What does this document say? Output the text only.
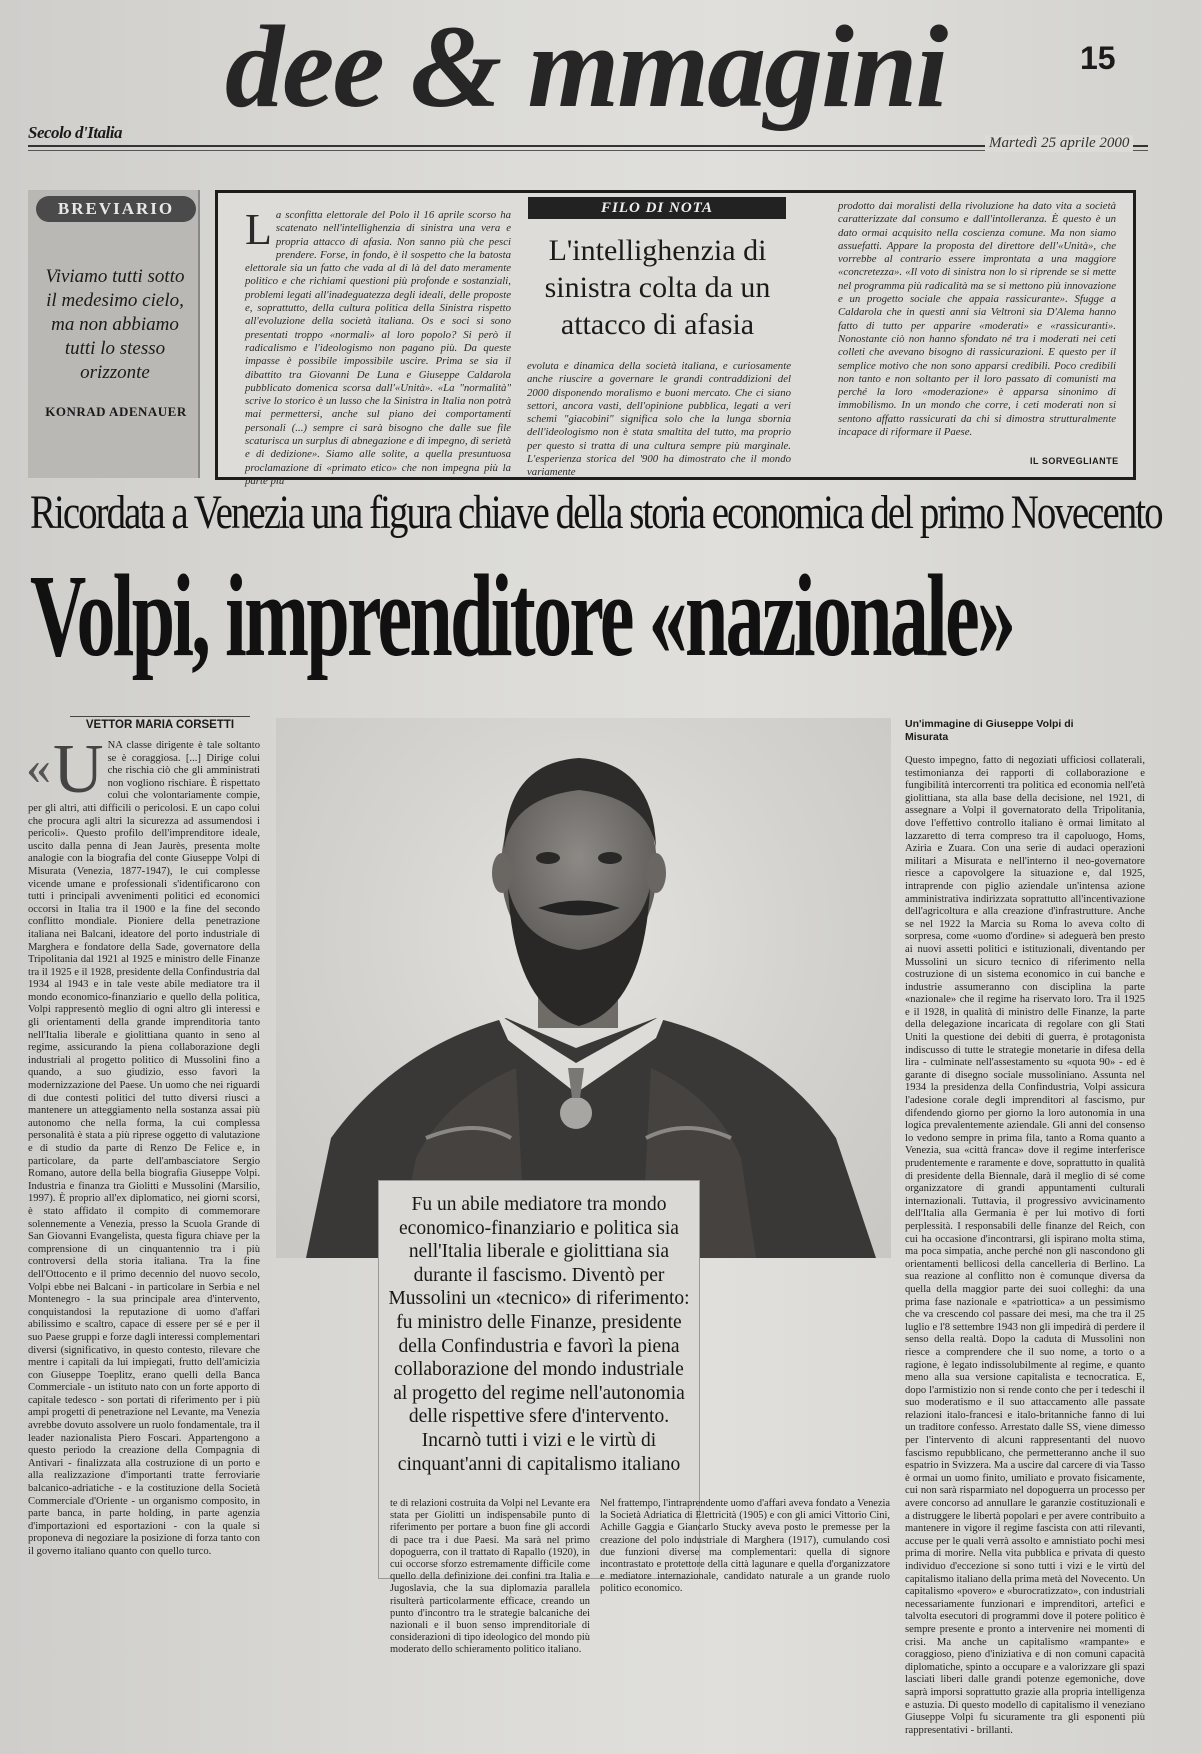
dee & mmagini
Secolo d'Italia
15
Martedì 25 aprile 2000
BREVIARIO
Viviamo tutti sotto il medesimo cielo, ma non abbiamo tutti lo stesso orizzonte
KONRAD ADENAUER
L a sconfitta elettorale del Polo il 16 aprile scorso ha scatenato nell'intellighenzia di sinistra una vera e propria attacco di afasia. Non sanno più che pesci prendere. Forse, in fondo, è il sospetto che la batosta elettorale sia un fatto che vada al di là del dato meramente politico e che richiami questioni più profonde e sostanziali, problemi legati all'inadeguatezza degli ideali, delle proposte e, soprattutto, della cultura politica della Sinistra rispetto all'evoluzione della società italiana. Os e soci si sono presentati troppo «normali» al loro popolo? Si però il radicalismo e l'ideologismo non pagano più. Da queste impasse è possibile impossibile uscire. Prima se sia il dibattito tra Giovanni De Luna e Giuseppe Caldarola pubblicato domenica scorsa dall'«Unità». «La "normalità" scrive lo storico è un lusso che la Sinistra in Italia non potrà mai permettersi, anche sul piano dei comportamenti personali (...) sempre ci sarà bisogno che dalle sue file scaturisca un surplus di abnegazione e di impegno, di serietà e di dedizione». Siamo alle solite, a quella presuntuosa proclamazione di «primato etico» che non impegna più la parte più
FILO DI NOTA
L'intellighenzia di sinistra colta da un attacco di afasia
evoluta e dinamica della società italiana, e curiosamente anche riuscire a governare le grandi contraddizioni del 2000 disponendo moralismo e buoni mercato. Che ci siano settori, ancora vasti, dell'opinione pubblica, legati a veri schemi "giacobini" significa solo che la lunga sbornia dell'ideologismo non è stata smaltita del tutto, ma proprio per questo si tratta di una cultura sempre più marginale. L'esperienza storica del '900 ha dimostrato che il mondo variamente
prodotto dai moralisti della rivoluzione ha dato vita a società caratterizzate dal consumo e dall'intolleranza. È questo è un dato ormai acquisito nella coscienza comune. Ma non siamo assuefatti. Appare la proposta del direttore dell'«Unità», che vorrebbe al contrario essere improntata a una maggiore «concretezza». «Il voto di sinistra non lo si riprende se si mette nel programma più radicalità ma se si mettono più innovazione e un progetto sociale che appaia rassicurante». Sfugge a Caldarola che in questi anni sia Veltroni sia D'Alema hanno fatto di tutto per apparire «moderati» e «rassicuranti». Nonostante ciò non hanno sfondato né tra i moderati nei ceti colleti che avevano bisogno di rassicurazioni. E questo per il semplice motivo che non sono apparsi credibili. Poco credibili non tanto e non soltanto per il loro passato di comunisti ma perché la loro «moderazione» è apparsa sinonimo di immobilismo. In un mondo che corre, i ceti moderati non si sentono affatto rassicurati da chi si dimostra strutturalmente incapace di riformare il Paese.
IL SORVEGLIANTE
Ricordata a Venezia una figura chiave della storia economica del primo Novecento
Volpi, imprenditore «nazionale»
VETTOR MARIA CORSETTI
« U NA classe dirigente è tale soltanto se è coraggiosa. [...] Dirige colui che rischia ciò che gli amministrati non vogliono rischiare. È rispettato colui che volontariamente compie, per gli altri, atti difficili o pericolosi. E un capo colui che procura agli altri la sicurezza ad assumendosi i pericoli». Questo profilo dell'imprenditore ideale, uscito dalla penna di Jean Jaurès, presenta molte analogie con la biografia del conte Giuseppe Volpi di Misurata (Venezia, 1877-1947), le cui complesse vicende umane e professionali s'identificarono con tutti i principali avvenimenti politici ed economici occorsi in Italia tra il 1900 e la fine del secondo conflitto mondiale. Pioniere della penetrazione italiana nei Balcani, ideatore del porto industriale di Marghera e fondatore della Sade, governatore della Tripolitania dal 1921 al 1925 e ministro delle Finanze tra il 1925 e il 1928, presidente della Confindustria dal 1934 al 1943 e in tale veste abile mediatore tra il mondo economico-finanziario e quello della politica, Volpi rappresentò meglio di ogni altro gli interessi e gli orientamenti della grande imprenditoria tanto nell'Italia liberale e giolittiana quanto in seno al regime, assicurando la piena collaborazione degli industriali al progetto politico di Mussolini fino a quando, a suo giudizio, esso favorì la modernizzazione del Paese. Un uomo che nei riguardi di due contesti politici del tutto diversi riuscì a mantenere un atteggiamento nella sostanza assai più autonomo che nella forma, la cui complessa personalità è stata a più riprese oggetto di valutazione e di studio da parte di Renzo De Felice e, in particolare, da parte dell'ambasciatore Sergio Romano, autore della bella biografia Giuseppe Volpi. Industria e finanza tra Giolitti e Mussolini (Marsilio, 1997). È proprio all'ex diplomatico, nei giorni scorsi, è stato affidato il compito di commemorare solennemente a Venezia, presso la Scuola Grande di San Giovanni Evangelista, questa figura chiave per la comprensione di un cinquantennio tra i più controversi della storia italiana. Tra la fine dell'Ottocento e il primo decennio del nuovo secolo, Volpi ebbe nei Balcani - in particolare in Serbia e nel Montenegro - la sua principale area d'intervento, conquistandosi la reputazione di uomo d'affari abilissimo e scaltro, capace di essere per sé e per il suo Paese gruppi e forze dagli interessi complementari diversi (significativo, in questo contesto, rilevare che mentre i capitali da lui impiegati, frutto dell'amicizia con Giuseppe Toeplitz, erano quelli della Banca Commerciale - un istituto nato con un forte apporto di capitale tedesco - son portati di riferimento per i più ampi progetti di penetrazione nel Levante, ma Venezia avrebbe dovuto assolvere un ruolo fondamentale, tra il leader nazionalista Piero Foscari. Appartengono a questo periodo la creazione della Compagnia di Antivari - finalizzata alla costruzione di un porto e alla realizzazione d'importanti tratte ferroviarie balcanico-adriatiche - e la costituzione della Società Commerciale d'Oriente - un organismo composito, in parte banca, in parte holding, in parte agenzia d'importazioni ed esportazioni - con la quale si proponeva di negoziare la posizione di forza tanto con il governo italiano quanto con quello turco.
Un'immagine di Giuseppe Volpi di Misurata
Fu un abile mediatore tra mondo economico-finanziario e politica sia nell'Italia liberale e giolittiana sia durante il fascismo. Diventò per Mussolini un «tecnico» di riferimento: fu ministro delle Finanze, presidente della Confindustria e favorì la piena collaborazione del mondo industriale al progetto del regime nell'autonomia delle rispettive sfere d'intervento. Incarnò tutti i vizi e le virtù di cinquant'anni di capitalismo italiano
te di relazioni costruita da Volpi nel Levante era stata per Giolitti un indispensabile punto di riferimento per portare a buon fine gli accordi di pace tra i due Paesi. Ma sarà nel primo dopoguerra, con il trattato di Rapallo (1920), in cui occorse sforzo estremamente difficile come quello della definizione dei confini tra Italia e Jugoslavia, che la sua diplomazia parallela risulterà particolarmente efficace, creando un punto d'incontro tra le strategie balcaniche dei nazionali e il buon senso imprenditoriale di considerazioni di tipo ideologico del mondo più moderato dello schieramento politico italiano.
Nel frattempo, l'intraprendente uomo d'affari aveva fondato a Venezia la Società Adriatica di Elettricità (1905) e con gli amici Vittorio Cini, Achille Gaggia e Giancarlo Stucky aveva posto le premesse per la creazione del polo industriale di Marghera (1917), cumulando così due funzioni diverse ma complementari: quella di signore incontrastato e protettore della città lagunare e quella d'organizzatore e mediatore internazionale, candidato naturale a un grande ruolo politico economico.
Questo impegno, fatto di negoziati ufficiosi collaterali, testimonianza dei rapporti di collaborazione e fungibilità intercorrenti tra politica ed economia nell'età giolittiana, sta alla base della decisione, nel 1921, di assegnare a Volpi il governatorato della Tripolitania, dove l'effettivo controllo italiano è ormai limitato al lazzaretto di terra compreso tra il capoluogo, Homs, Aziria e Zuara. Con una serie di audaci operazioni militari a Misurata e nell'interno il neo-governatore riesce a capovolgere la situazione e, dal 1925, intraprende con piglio aziendale un'intensa azione amministrativa indirizzata soprattutto all'incentivazione dell'agricoltura e alla creazione d'infrastrutture. Anche se nel 1922 la Marcia su Roma lo aveva colto di sorpresa, come «uomo d'ordine» si adeguerà ben presto ai nuovi assetti politici e istituzionali, diventando per Mussolini un sicuro tecnico di riferimento nella costruzione di un sistema economico in cui banche e industrie assumeranno con disciplina la parte «nazionale» che il regime ha riservato loro. Tra il 1925 e il 1928, in qualità di ministro delle Finanze, la parte della delegazione incaricata di regolare con gli Stati Uniti la questione dei debiti di guerra, è protagonista indiscusso di tutte le strategie monetarie in difesa della lira - culminate nell'assestamento su «quota 90» - ed è garante di disegno sociale mussoliniano. Assunta nel 1934 la presidenza della Confindustria, Volpi assicura l'adesione corale degli imprenditori al fascismo, pur difendendo giorno per giorno la loro autonomia in una logica prevalentemente aziendale. Gli anni del consenso lo vedono sempre in prima fila, tanto a Roma quanto a Venezia, sua «città franca» dove il regime interferisce prudentemente e raramente e dove, soprattutto in qualità di presidente della Biennale, darà il meglio di sé come organizzatore di grandi appuntamenti culturali internazionali. Tuttavia, il progressivo avvicinamento dell'Italia alla Germania è per lui motivo di forti perplessità. I responsabili delle finanze del Reich, con cui ha occasione d'incontrarsi, gli ispirano molta stima, ma poca simpatia, anche perché non gli nascondono gli orientamenti bellicosi della cancelleria di Berlino. La sua reazione al conflitto non è comunque diversa da quella della maggior parte dei suoi colleghi: da una prima fase nazionale e «patriottica» a un pessimismo che va crescendo col passare dei mesi, ma che tra il 25 luglio e l'8 settembre 1943 non gli impedirà di perdere il senso della realtà. Dopo la caduta di Mussolini non riesce a comprendere che il suo nome, a torto o a ragione, è legato indissolubilmente al regime, e quanto meno alla sua versione capitalista e tecnocratica. E, dopo l'armistizio non si rende conto che per i tedeschi il suo moderatismo e il suo attaccamento alle passate relazioni italo-francesi e italo-britanniche fanno di lui un traditore confesso. Arrestato dalle SS, viene dimesso per l'intervento di alcuni rappresentanti del nuovo fascismo repubblicano, che permetteranno anche il suo espatrio in Svizzera. Ma a uscire dal carcere di via Tasso è ormai un uomo finito, umiliato e provato fisicamente, cui non sarà risparmiato nel dopoguerra un processo per avere concorso ad annullare le garanzie costituzionali e a distruggere le libertà popolari e per avere contribuito a mantenere in vigore il regime fascista con atti rilevanti, accuse per le quali verrà assolto e amnistiato pochi mesi prima di morire. Nella vita pubblica e privata di questo individuo d'eccezione si sono tutti i vizi e le virtù del capitalismo italiano della prima metà del Novecento. Un capitalismo «povero» e «burocratizzato», con industriali necessariamente funzionari e imprenditori, artefici e talvolta esecutori di programmi dove il potere politico è sempre presente e pronto a intervenire nei momenti di crisi. Ma anche un capitalismo «rampante» e coraggioso, pieno d'iniziativa e di non comuni capacità diplomatiche, spinto a occupare e a valorizzare gli spazi lasciati liberi dalle grandi potenze egemoniche, dove saprà imporsi soprattutto grazie alla propria intelligenza e astuzia. Di questo modello di capitalismo il veneziano Giuseppe Volpi fu sicuramente tra gli esponenti più rappresentativi - brillanti.
